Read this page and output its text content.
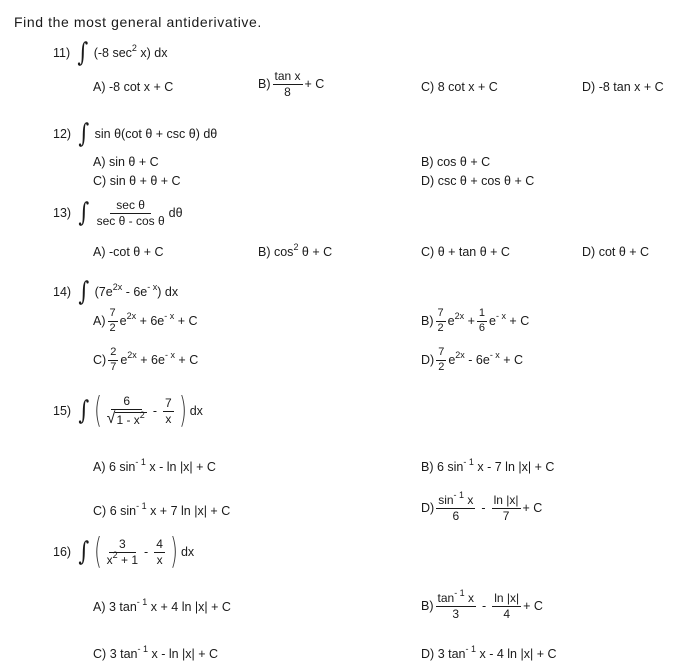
Find the most general antiderivative.
11) ∫ (-8 $\sec^2 x$) dx
A) -8 cot x + C	$B) \frac{\text{tan x}}{8} + C$	C) 8 cot x + C	D) -8 tan x + C
12) ∫ sin θ(cot θ + csc θ) dθ
A) sin θ + C	B) cos θ + C
C) sin θ + θ + C	D) csc θ + cos θ + C
13) ∫ $\frac{\text{sec θ}}{\text{sec θ - cos θ}}$ dθ
A) -cot θ + C	B) $\cos^2 \theta + C$	C) θ + tan θ + C	D) cot θ + C
14) ∫ $(7e^{2x} - 6e^{- x})$ dx
$A) \frac{7}{2} e^{2x} + 6e^{- x} + C$	$B) \frac{7}{2} e^{2x} + \frac{1}{6} e^{- x} + C$
$C) \frac{2}{7} e^{2x} + 6e^{- x} + C$	$D) \frac{7}{2} e^{2x} - 6e^{- x} + C$
15) ∫ ( $\frac{6}{√ 1 - x^2} - \frac{7}{x}$ ) dx
A) 6 $\sin^{- 1} x - \ln |x| + C$	B) 6 $\sin^{- 1} x - 7$ ln |x| + C
C) 6 $\sin^{- 1} x + 7$ ln |x| + C	$D) \frac{\sin^{- 1} x}{6} - \frac{\ln |x|}{7} + C$
16) ∫ ( $\frac{3}{x^2 + 1} - \frac{4}{x}$ ) dx
A) 3 $\tan^{- 1} x + 4$ ln |x| + C	$B) \frac{\tan^{- 1} x}{3} - \frac{\ln |x|}{4} + C$
C) 3 $\tan^{- 1} x - \ln |x| + C$	D) 3 $\tan^{- 1} x - 4$ ln |x| + C
